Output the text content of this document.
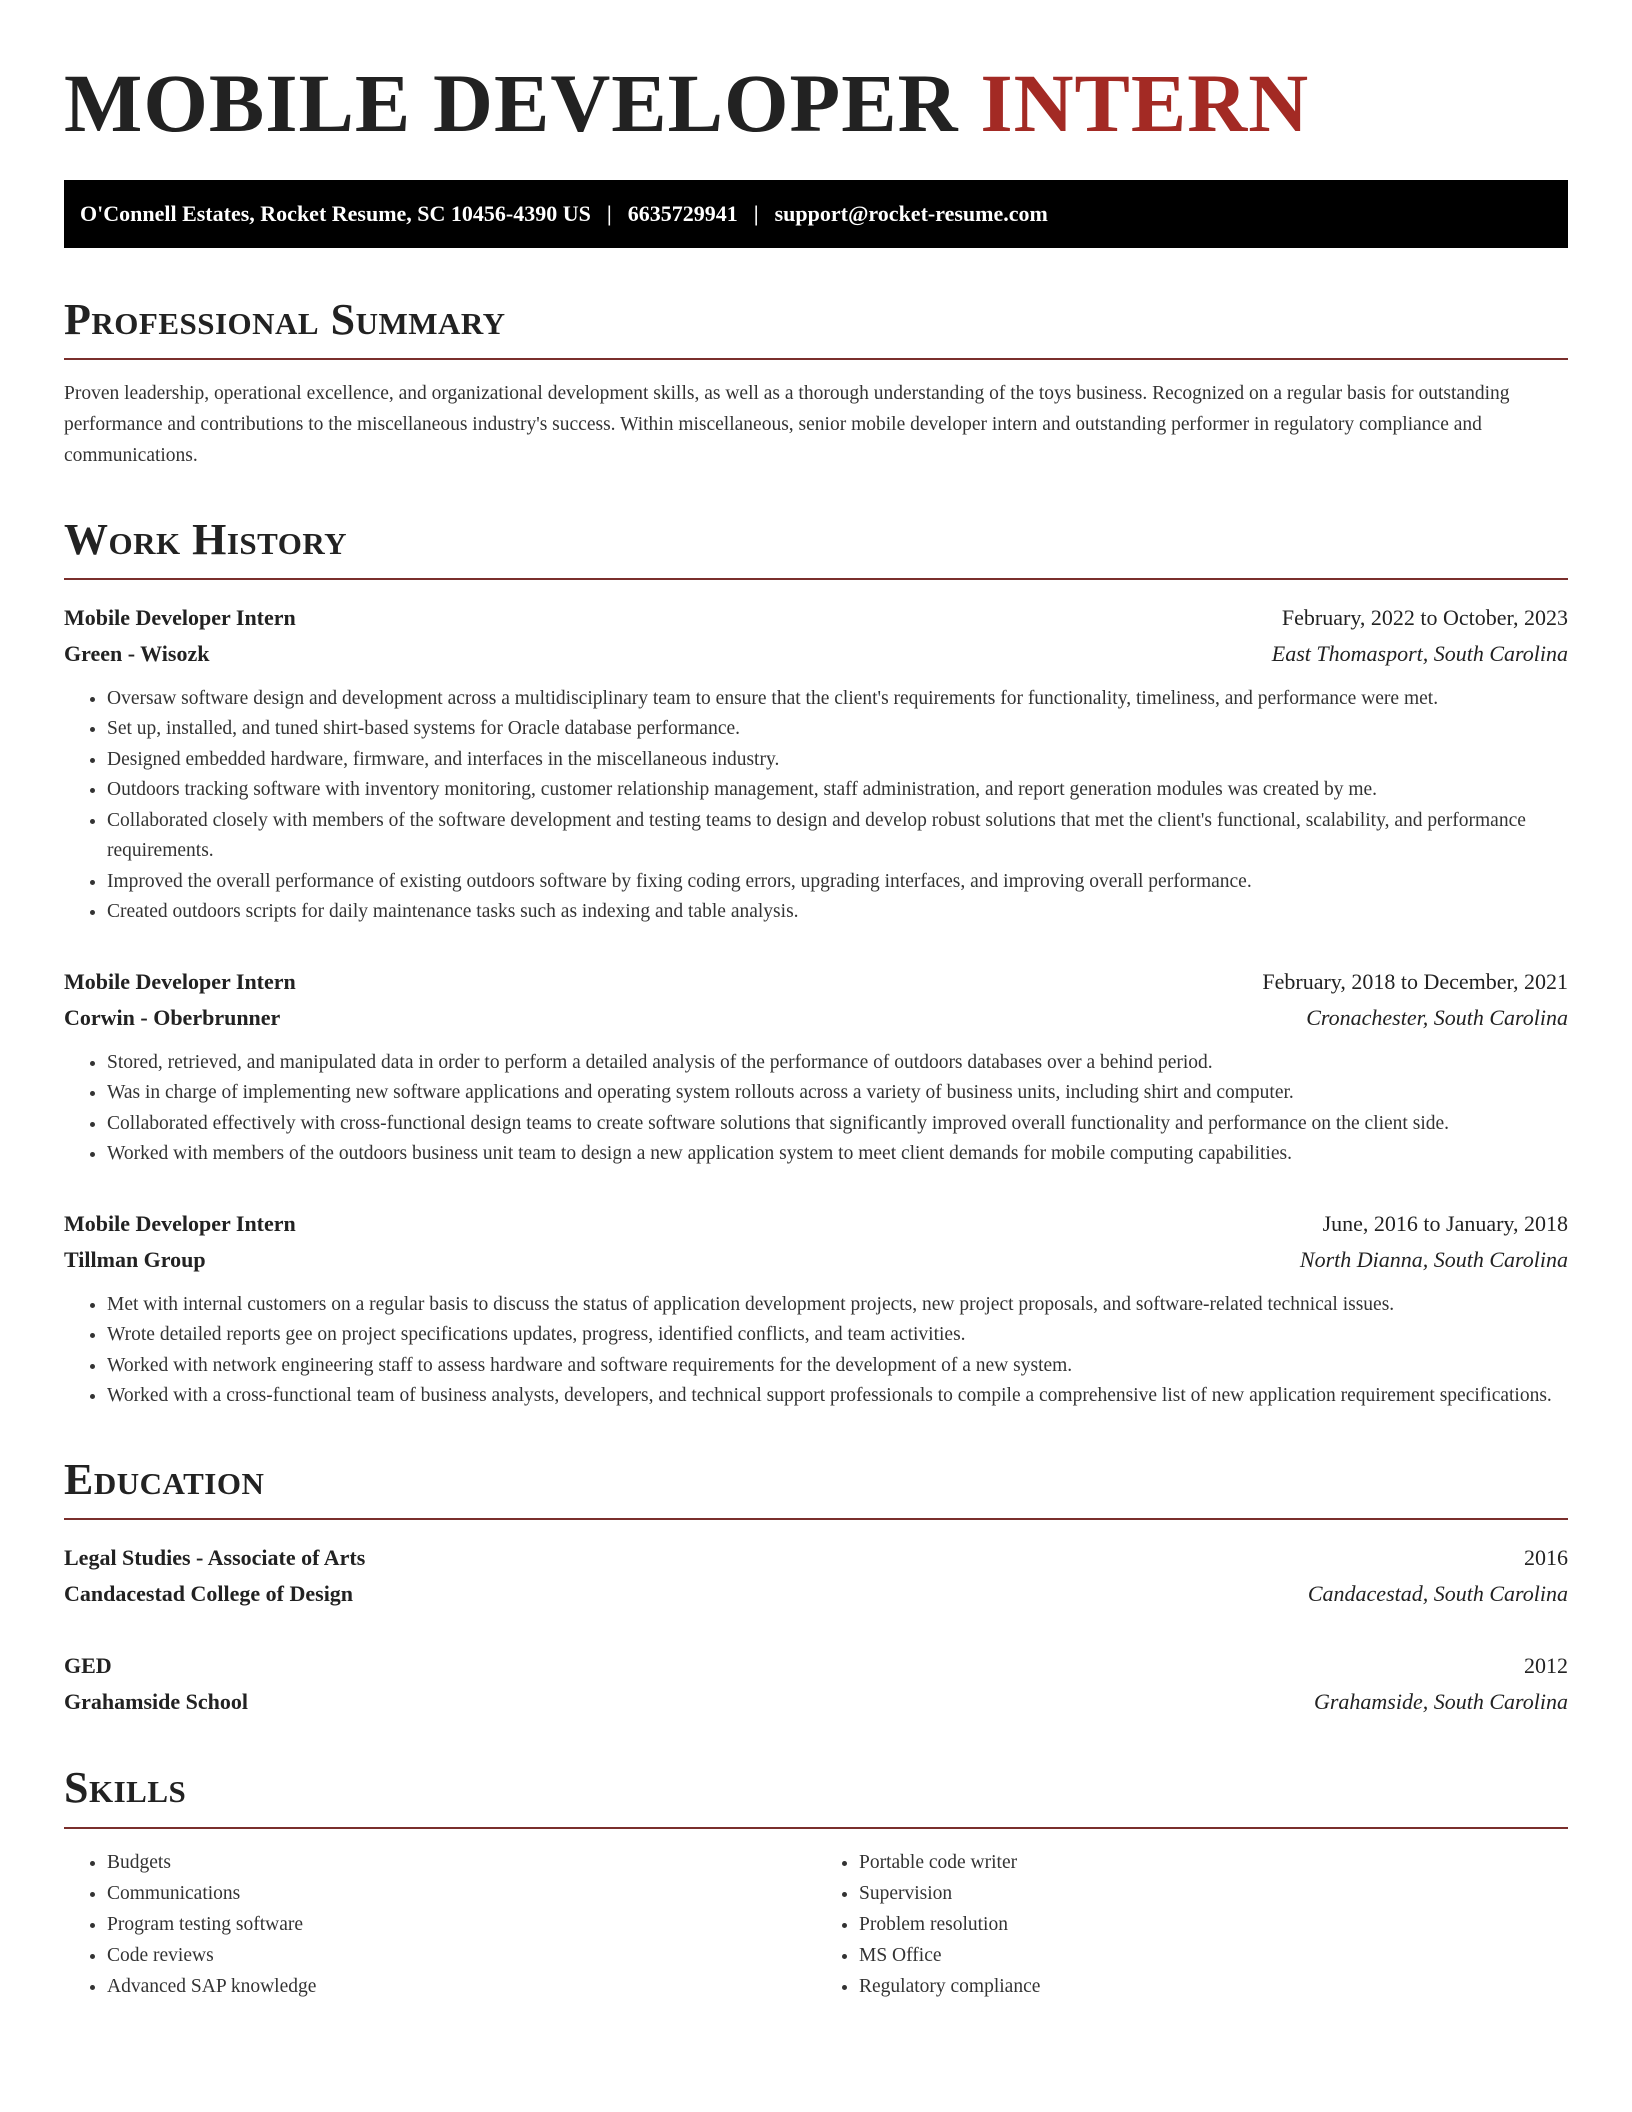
MOBILE DEVELOPER INTERN
O'Connell Estates, Rocket Resume, SC 10456-4390 US | 6635729941 | support@rocket-resume.com
Professional Summary

Proven leadership, operational excellence, and organizational development skills, as well as a thorough understanding of the toys business. Recognized on a regular basis for outstanding performance and contributions to the miscellaneous industry's success. Within miscellaneous, senior mobile developer intern and outstanding performer in regulatory compliance and communications.

Work History
Mobile Developer Intern	February, 2022 to October, 2023
Green - Wisozk	East Thomasport, South Carolina
• Oversaw software design and development across a multidisciplinary team to ensure that the client's requirements for functionality, timeliness, and performance were met.
• Set up, installed, and tuned shirt-based systems for Oracle database performance.
• Designed embedded hardware, firmware, and interfaces in the miscellaneous industry.
• Outdoors tracking software with inventory monitoring, customer relationship management, staff administration, and report generation modules was created by me.
• Collaborated closely with members of the software development and testing teams to design and develop robust solutions that met the client's functional, scalability, and performance requirements.
• Improved the overall performance of existing outdoors software by fixing coding errors, upgrading interfaces, and improving overall performance.
• Created outdoors scripts for daily maintenance tasks such as indexing and table analysis.
Mobile Developer Intern	February, 2018 to December, 2021
Corwin - Oberbrunner	Cronachester, South Carolina
• Stored, retrieved, and manipulated data in order to perform a detailed analysis of the performance of outdoors databases over a behind period.
• Was in charge of implementing new software applications and operating system rollouts across a variety of business units, including shirt and computer.
• Collaborated effectively with cross-functional design teams to create software solutions that significantly improved overall functionality and performance on the client side.
• Worked with members of the outdoors business unit team to design a new application system to meet client demands for mobile computing capabilities.
Mobile Developer Intern	June, 2016 to January, 2018
Tillman Group	North Dianna, South Carolina
• Met with internal customers on a regular basis to discuss the status of application development projects, new project proposals, and software-related technical issues.
• Wrote detailed reports gee on project specifications updates, progress, identified conflicts, and team activities.
• Worked with network engineering staff to assess hardware and software requirements for the development of a new system.
• Worked with a cross-functional team of business analysts, developers, and technical support professionals to compile a comprehensive list of new application requirement specifications.
Education
Legal Studies - Associate of Arts	2016
Candacestad College of Design	Candacestad, South Carolina
GED	2012
Grahamside School	Grahamside, South Carolina
Skills
• Budgets
• Communications
• Program testing software
• Code reviews
• Advanced SAP knowledge
• Portable code writer
• Supervision
• Problem resolution
• MS Office
• Regulatory compliance
